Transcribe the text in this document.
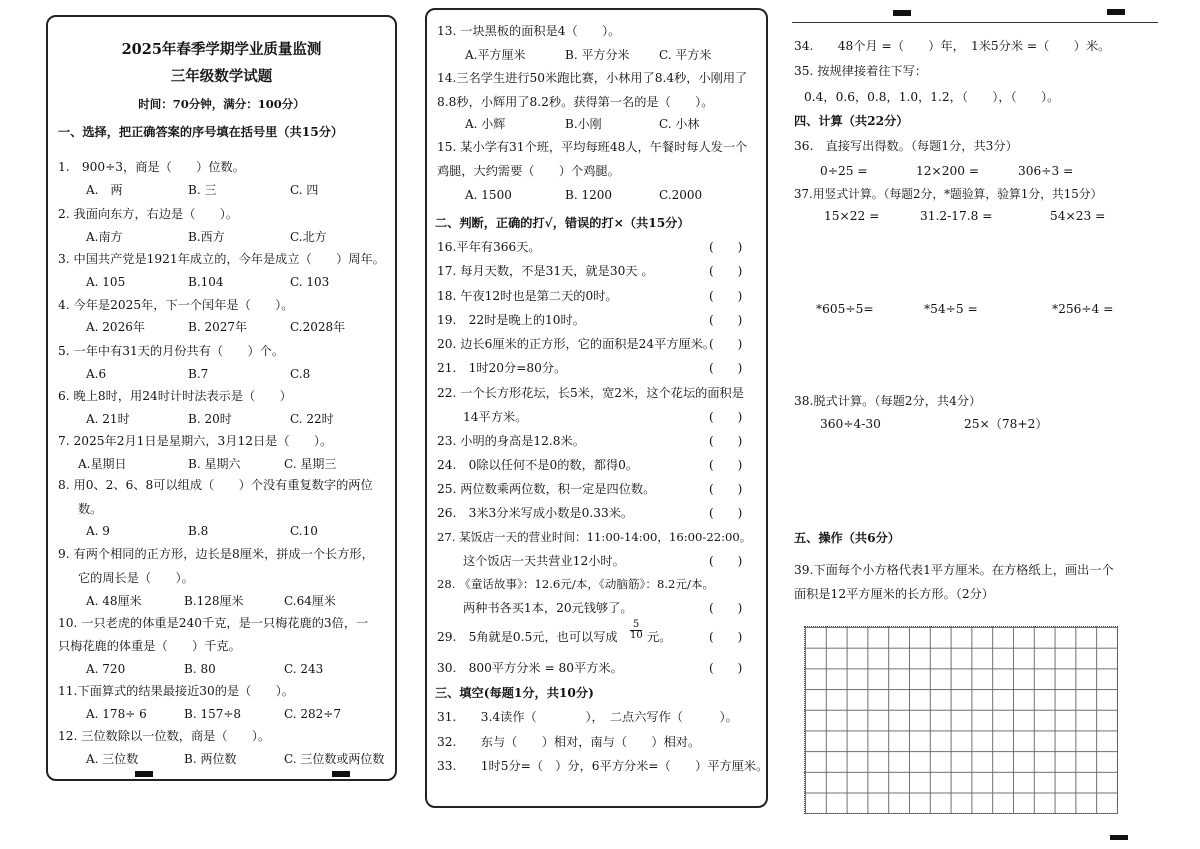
2025年春季学期学业质量监测
三年级数学试题
时间：70分钟，满分：100分）
一、选择，把正确答案的序号填在括号里（共15分）
1.　900÷3，商是（　　）位数。
A.　两	B. 三	C. 四
2. 我面向东方，右边是（　　）。
A.南方	B.西方	C.北方
3. 中国共产党是1921年成立的，今年是成立（　　）周年。
A. 105	B.104	C. 103
4. 今年是2025年，下一个闰年是（　　）。
A. 2026年	B. 2027年	C.2028年
5. 一年中有31天的月份共有（　　）个。
A.6	B.7	C.8
6. 晚上8时，用24时计时法表示是（　　）
A. 21时	B. 20时	C. 22时
7. 2025年2月1日是星期六，3月12日是（　　）。
A.星期日	B. 星期六	C. 星期三
8. 用0、2、6、8可以组成（　　）个没有重复数字的两位
数。
A. 9	B.8	C.10
9. 有两个相同的正方形，边长是8厘米，拼成一个长方形，
它的周长是（　　）。
A. 48厘米	B.128厘米	C.64厘米
10. 一只老虎的体重是240千克，是一只梅花鹿的3倍，一
只梅花鹿的体重是（　　）千克。
A. 720	B. 80	C. 243
11.下面算式的结果最接近30的是（　　）。
A. 178÷ 6	B. 157÷8	C. 282÷7
12. 三位数除以一位数，商是（　　）。
A. 三位数	B. 两位数	C. 三位数或两位数
13. 一块黑板的面积是4（　　）。
A.平方厘米	B. 平方分米 C. 平方米
14.三名学生进行50米跑比赛，小林用了8.4秒，小刚用了
8.8秒，小辉用了8.2秒。获得第一名的是（　　）。
A. 小辉	B.小刚	C. 小林
15. 某小学有31个班，平均每班48人，午餐时每人发一个
鸡腿，大约需要（　　）个鸡腿。
A. 1500	B. 1200	C.2000
二、判断，正确的打√，错误的打×（共15分）
16.平年有366天。	(　　)
17. 每月天数，不是31天，就是30天 。	(　　)
18. 午夜12时也是第二天的0时。	(　　)
19.　22时是晚上的10时。	(　　)
20. 边长6厘米的正方形，它的面积是24平方厘米。
(　　)
21.　1时20分=80分。	(　　)
22. 一个长方形花坛，长5米，宽2米，这个花坛的面积是
14平方米。	(　　)
23. 小明的身高是12.8米。	(　　)
24.　0除以任何不是0的数，都得0。	(　　)
25. 两位数乘两位数，积一定是四位数。	(　　)
26.　3米3分米写成小数是0.33米。	(　　)
27. 某饭店一天的营业时间：11:00-14:00，16:00-22:00。
这个饭店一天共营业12小时。	(　　)
28. 《童话故事》：12.6元/本，《动脑筋》：8.2元/本。
两种书各买1本，20元钱够了。	(　　)
29.　5角就是0.5元，也可以写成 $\frac{5}{10}$ 元。	(　　)
30.　800平方分米 = 80平方米。	(　　)
三、填空(每题1分，共10分)
31.　　3.4读作（　　　　），　二点六写作（　　　）。
32.　　东与（　　）相对，南与（　　）相对。
33.　　1时5分=（　）分，6平方分米=（　　）平方厘米。
34.　　48个月 =（　　）年，　1米5分米 =（　　）米。
35. 按规律接着往下写：
0.4，0.6，0.8，1.0，1.2，（　　），（　　）。
四、计算（共22分）
36.　直接写出得数。（每题1分，共3分）
0÷25 =	12×200 =	306÷3 =
37.用竖式计算。（每题2分，*题验算，验算1分，共15分）
15×22 =	31.2-17.8 =	54×23 =
*605÷5=	*54÷5 =	*256÷4 =
38.脱式计算。（每题2分，共4分）
360÷4-30	25×（78+2）
五、操作（共6分）
39.下面每个小方格代表1平方厘米。在方格纸上，画出一个
面积是12平方厘米的长方形。（2分）
